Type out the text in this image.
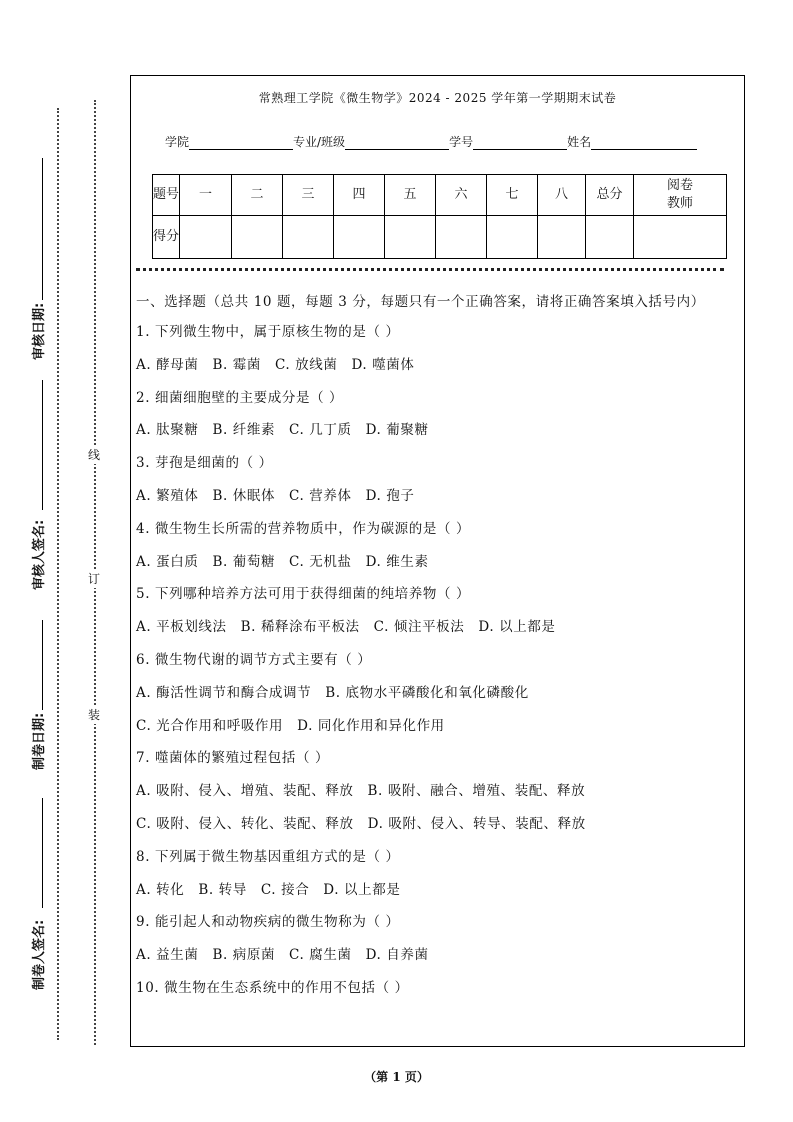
审核日期:
审核人签名:
制卷日期:
制卷人签名:
线
订
装
常熟理工学院《微生物学》2024 - 2025 学年第一学期期末试卷
学院	专业/班级	学号	姓名
题号	一	二	三	四	五	六	七	八	总分	阅卷教师
得分										
一、选择题（总共 10 题，每题 3 分，每题只有一个正确答案，请将正确答案填入括号内）
1. 下列微生物中，属于原核生物的是（ ）
A. 酵母菌 B. 霉菌 C. 放线菌 D. 噬菌体
2. 细菌细胞壁的主要成分是（ ）
A. 肽聚糖 B. 纤维素 C. 几丁质 D. 葡聚糖
3. 芽孢是细菌的（ ）
A. 繁殖体 B. 休眠体 C. 营养体 D. 孢子
4. 微生物生长所需的营养物质中，作为碳源的是（ ）
A. 蛋白质 B. 葡萄糖 C. 无机盐 D. 维生素
5. 下列哪种培养方法可用于获得细菌的纯培养物（ ）
A. 平板划线法 B. 稀释涂布平板法 C. 倾注平板法 D. 以上都是
6. 微生物代谢的调节方式主要有（ ）
A. 酶活性调节和酶合成调节 B. 底物水平磷酸化和氧化磷酸化
C. 光合作用和呼吸作用 D. 同化作用和异化作用
7. 噬菌体的繁殖过程包括（ ）
A. 吸附、侵入、增殖、装配、释放 B. 吸附、融合、增殖、装配、释放
C. 吸附、侵入、转化、装配、释放 D. 吸附、侵入、转导、装配、释放
8. 下列属于微生物基因重组方式的是（ ）
A. 转化 B. 转导 C. 接合 D. 以上都是
9. 能引起人和动物疾病的微生物称为（ ）
A. 益生菌 B. 病原菌 C. 腐生菌 D. 自养菌
10. 微生物在生态系统中的作用不包括（ ）
（第 1 页）
